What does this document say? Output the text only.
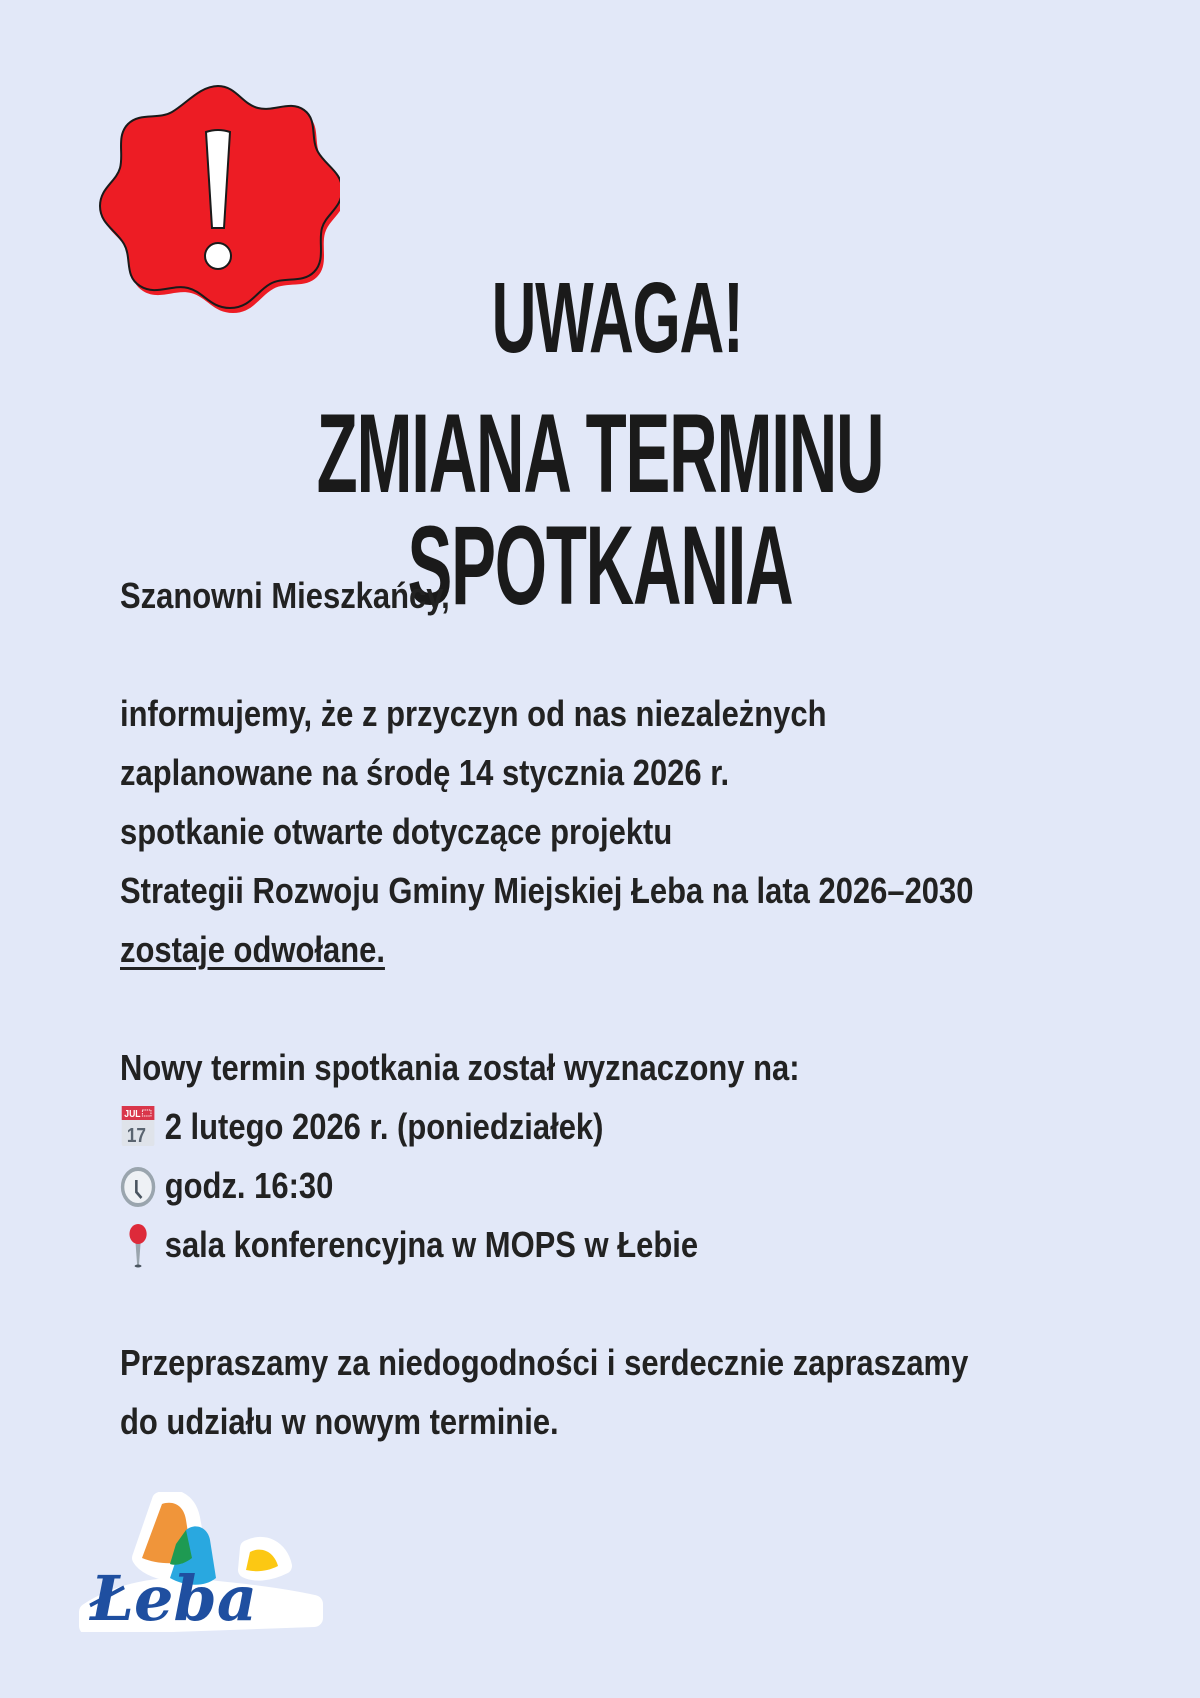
UWAGA!
ZMIANA TERMINU SPOTKANIA
Szanowni Mieszkańcy,
informujemy, że z przyczyn od nas niezależnych
zaplanowane na środę 14 stycznia 2026 r.
spotkanie otwarte dotyczące projektu
Strategii Rozwoju Gminy Miejskiej Łeba na lata 2026–2030
zostaje odwołane.
Nowy termin spotkania został wyznaczony na:
JUL
17 2 lutego 2026 r. (poniedziałek)
godz. 16:30
sala konferencyjna w MOPS w Łebie
Przepraszamy za niedogodności i serdecznie zapraszamy
do udziału w nowym terminie.
Łeba
